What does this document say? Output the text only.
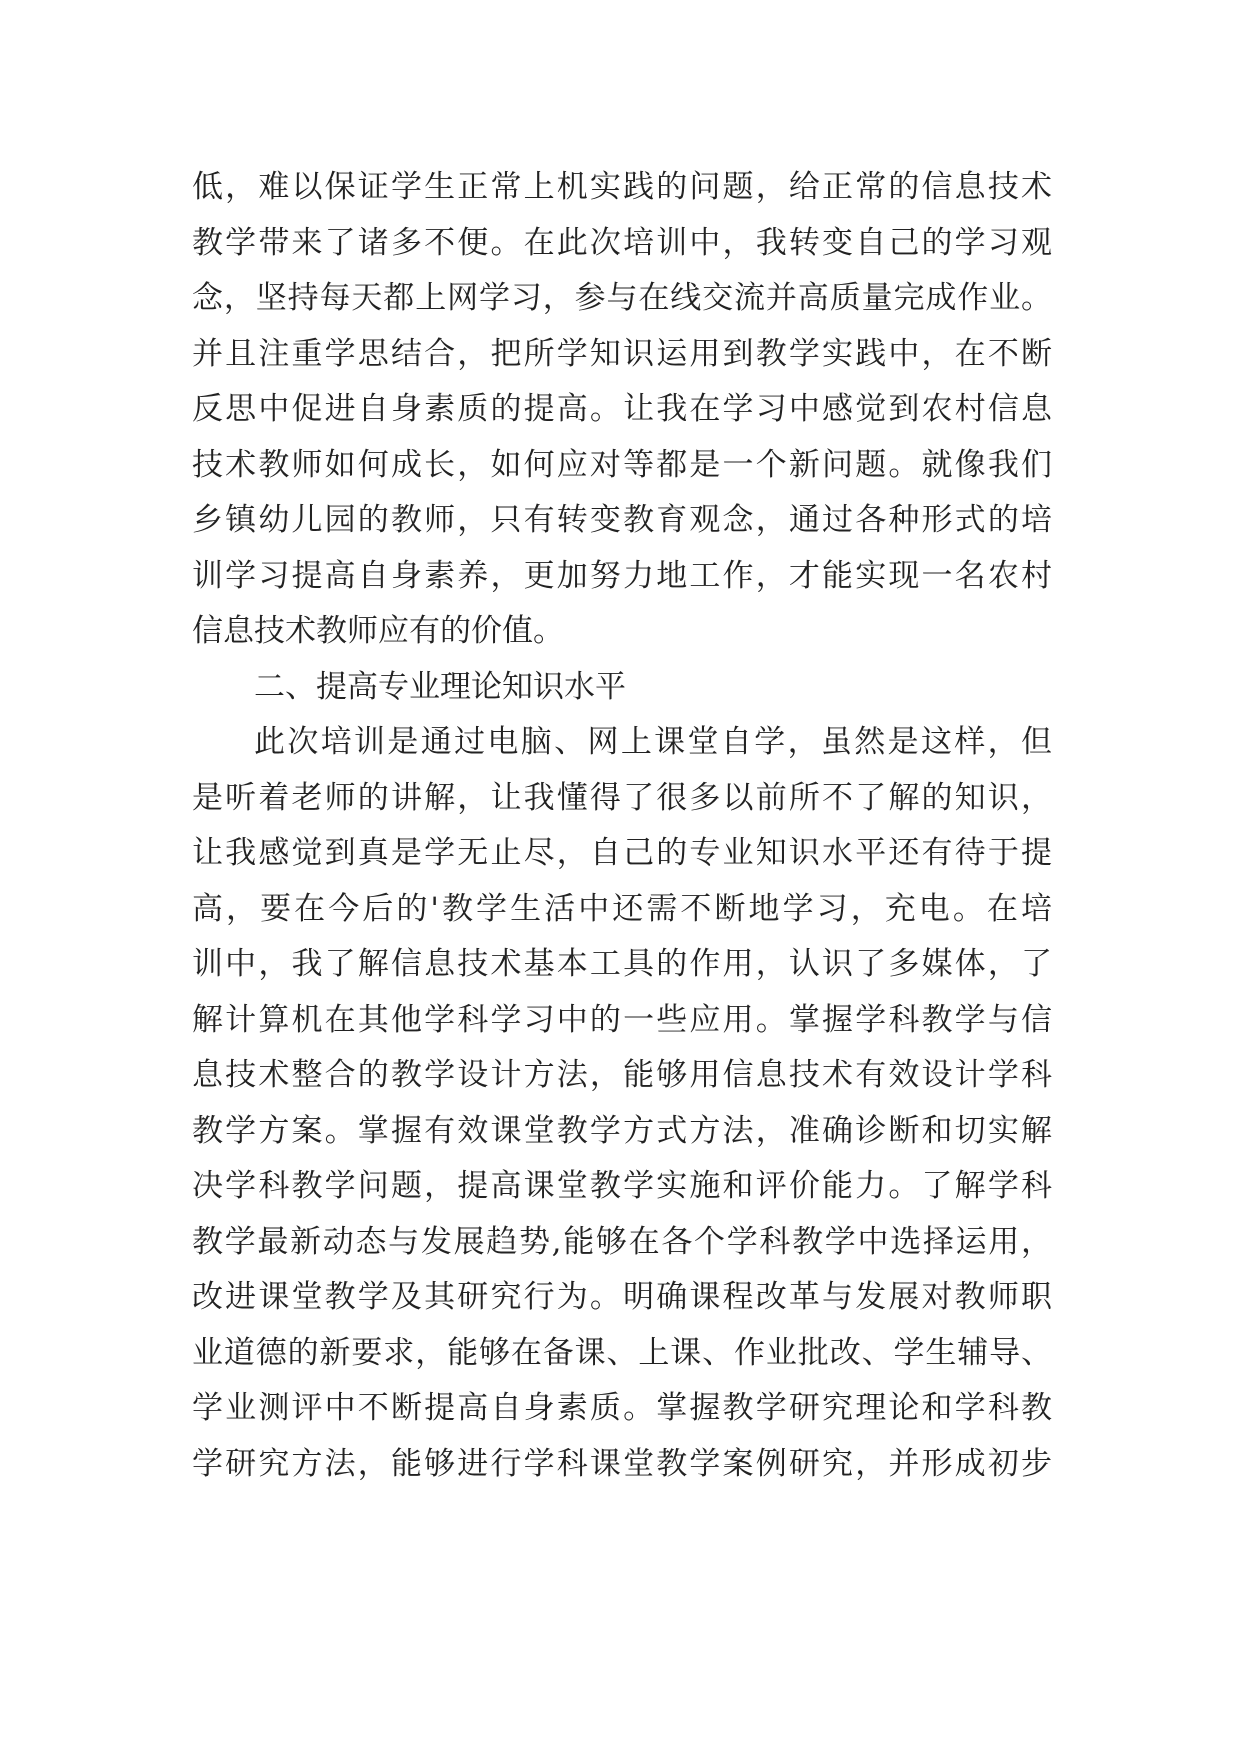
低，难以保证学生正常上机实践的问题，给正常的信息技术
教学带来了诸多不便。在此次培训中，我转变自己的学习观
念，坚持每天都上网学习，参与在线交流并高质量完成作业。
并且注重学思结合，把所学知识运用到教学实践中，在不断
反思中促进自身素质的提高。让我在学习中感觉到农村信息
技术教师如何成长，如何应对等都是一个新问题。就像我们
乡镇幼儿园的教师，只有转变教育观念，通过各种形式的培
训学习提高自身素养，更加努力地工作，才能实现一名农村
信息技术教师应有的价值。
二、提高专业理论知识水平
此次培训是通过电脑、网上课堂自学，虽然是这样，但
是听着老师的讲解，让我懂得了很多以前所不了解的知识，
让我感觉到真是学无止尽，自己的专业知识水平还有待于提
高，要在今后的'教学生活中还需不断地学习，充电。在培
训中，我了解信息技术基本工具的作用，认识了多媒体，了
解计算机在其他学科学习中的一些应用。掌握学科教学与信
息技术整合的教学设计方法，能够用信息技术有效设计学科
教学方案。掌握有效课堂教学方式方法，准确诊断和切实解
决学科教学问题，提高课堂教学实施和评价能力。了解学科
教学最新动态与发展趋势,能够在各个学科教学中选择运用，
改进课堂教学及其研究行为。明确课程改革与发展对教师职
业道德的新要求，能够在备课、上课、作业批改、学生辅导、
学业测评中不断提高自身素质。掌握教学研究理论和学科教
学研究方法，能够进行学科课堂教学案例研究，并形成初步
